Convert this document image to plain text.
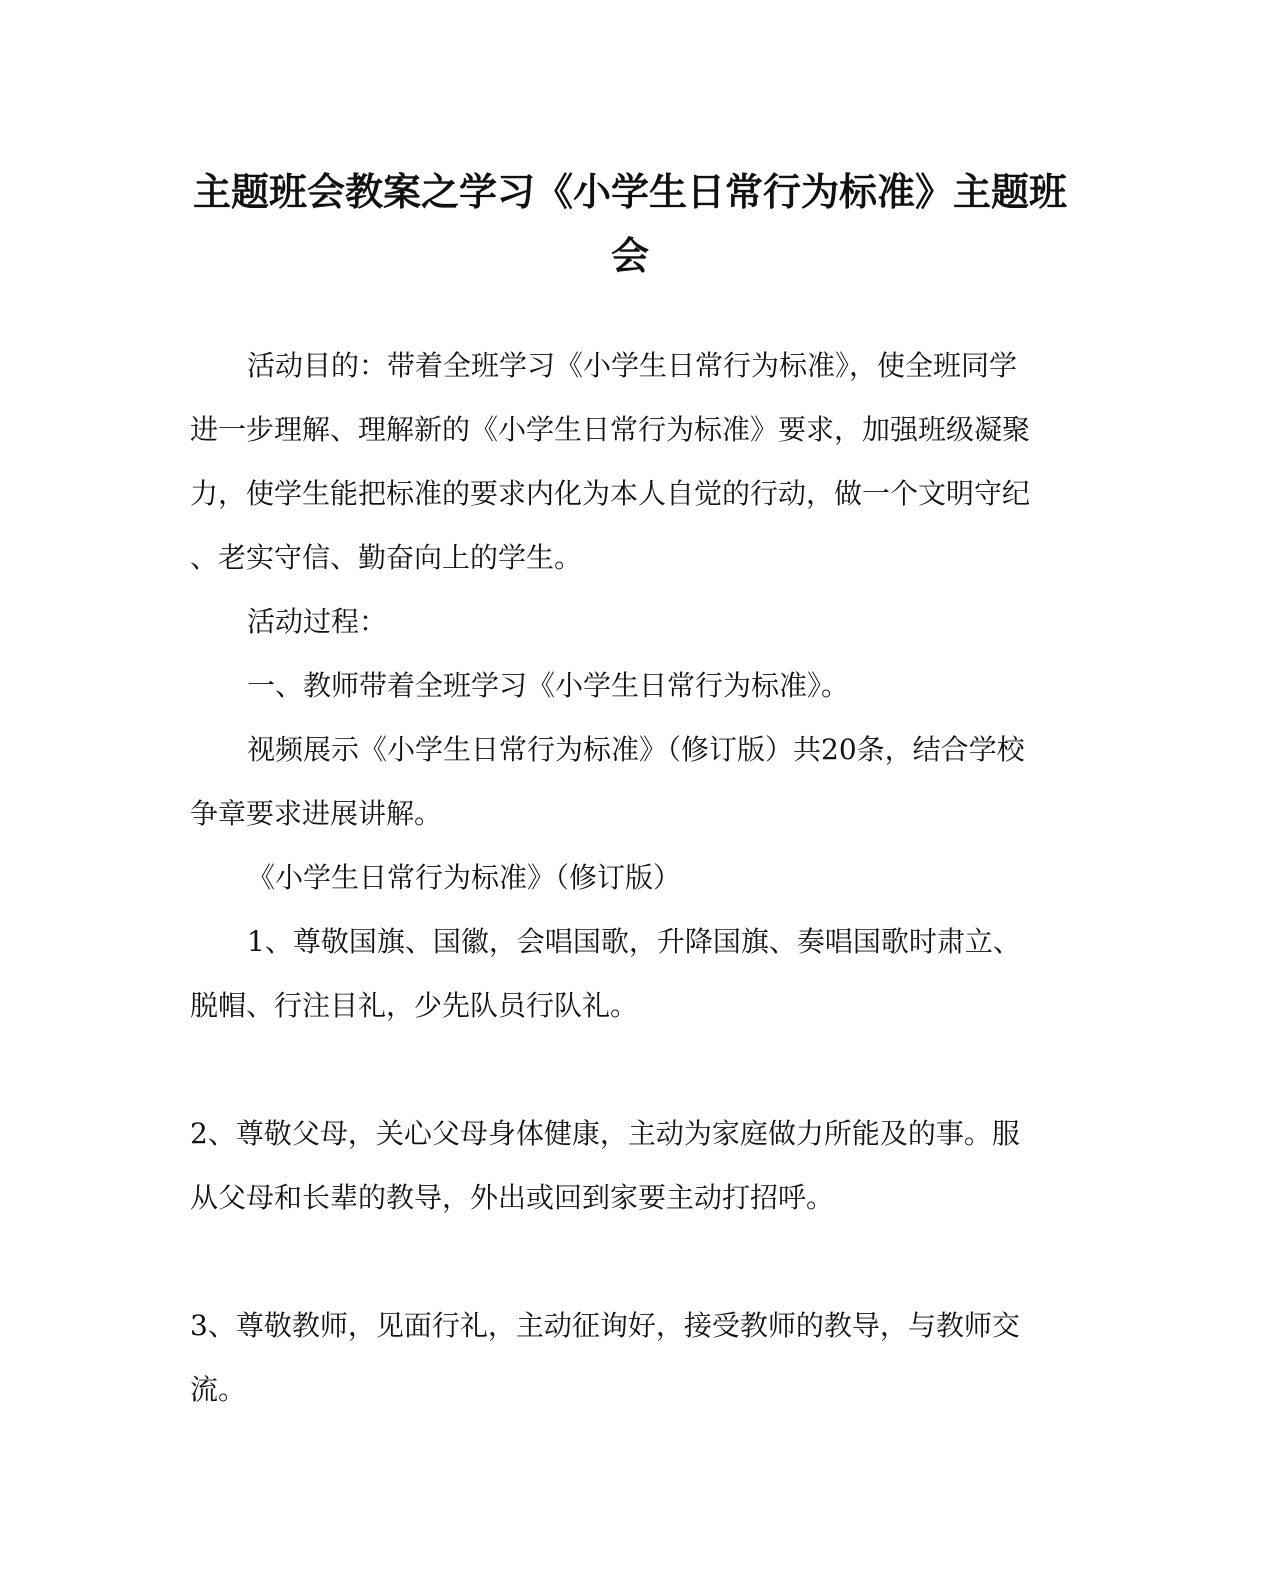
主题班会教案之学习《小学生日常行为标准》主题班
会

活动目的：带着全班学习《小学生日常行为标准》，使全班同学

进一步理解、理解新的《小学生日常行为标准》要求，加强班级凝聚

力，使学生能把标准的要求内化为本人自觉的行动，做一个文明守纪

、老实守信、勤奋向上的学生。

活动过程：

一、教师带着全班学习《小学生日常行为标准》。

视频展示《小学生日常行为标准》（修订版）共20条，结合学校

争章要求进展讲解。

《小学生日常行为标准》（修订版）

1、尊敬国旗、国徽，会唱国歌，升降国旗、奏唱国歌时肃立、

脱帽、行注目礼，少先队员行队礼。

2、尊敬父母，关心父母身体健康，主动为家庭做力所能及的事。服

从父母和长辈的教导，外出或回到家要主动打招呼。

3、尊敬教师，见面行礼，主动征询好，接受教师的教导，与教师交

流。
